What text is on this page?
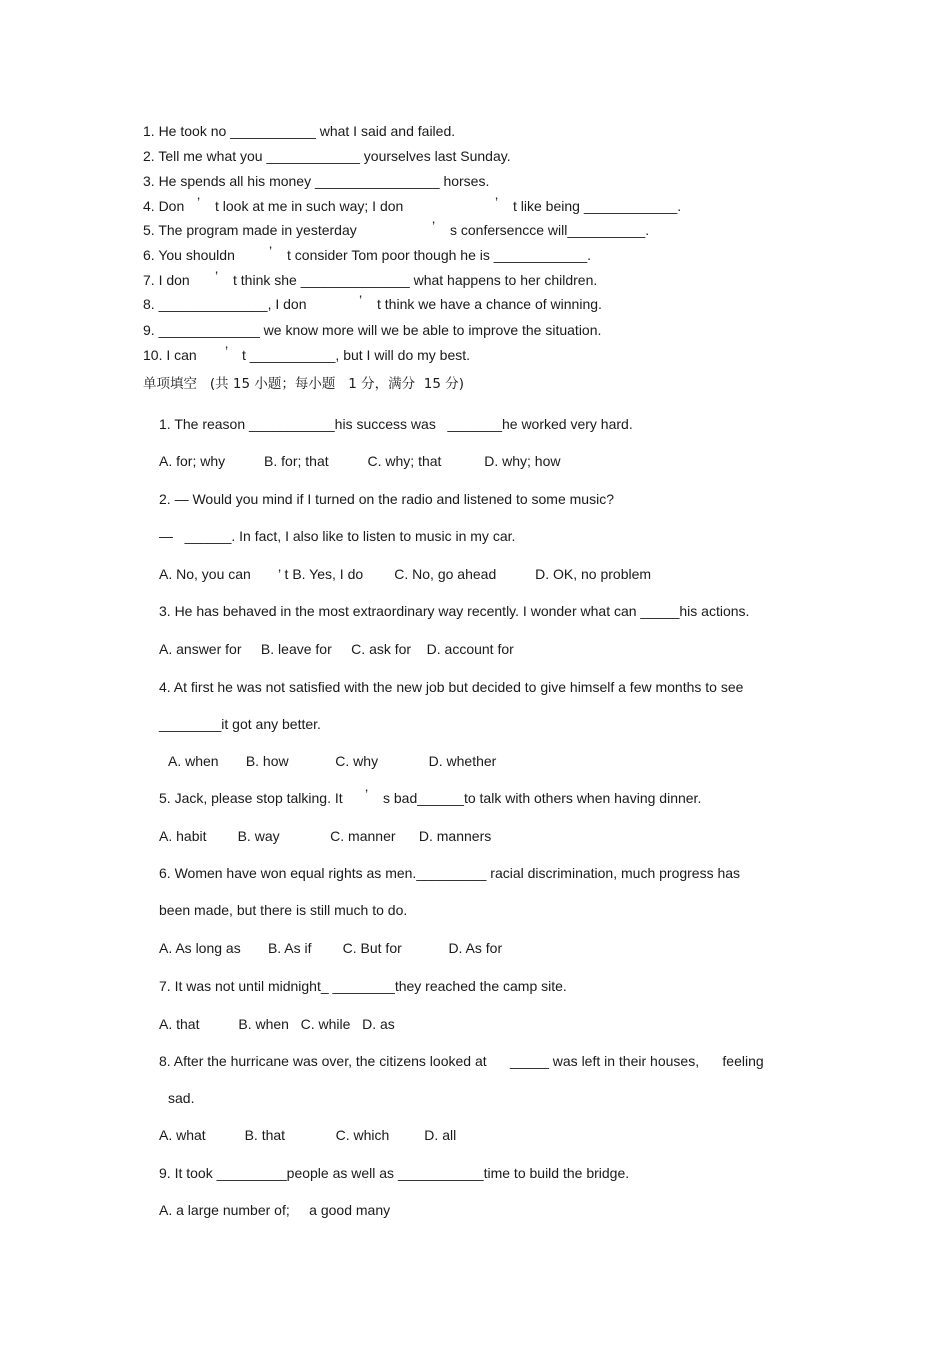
1. He took no ___________ what I said and failed.
2. Tell me what you ____________ yourselves last Sunday.
3. He spends all his money ________________ horses.
4. Don ’ t look at me in such way; I don	’ t like being ____________.
5. The program made in yesterday	’ s confe rsencce will__________.
6. You shouldn ’ t consider Tom poor though he is ____________.
7. I don ’ t think she ______________ what happens to her children.
8. ______________, I don	’ t think we have a chance of winning.
9. _____________ we know more will we be able to improve the situation.
10. I can ’ t ___________, but I will do my best.
单项填空   (共 15 小题；每小题   1 分，满分  15 分)
1. The reason ___________his success was   _______he worked very hard.
A. for; why          B. for; that          C. why; that           D. why; how
2. — Would you mind if I turned on the radio and listened to some music?
—   ______. In fact, I also like to listen to music in my car.
A. No, you can       ’ t B. Yes, I do        C. No, go ahead          D. OK, no problem
3. He has behaved in the most extraordinary way recently. I wonder what can _____his actions.
A. answer for     B. leave for     C. ask for    D. account for
4. At first he was not satisfied with the new job but decided to give himself a few months to see
________it got any better.
A. when       B. how            C. why             D. whether
5. Jack, please stop talking. It ’ s bad______to talk with others when having dinner.
A. habit        B. way             C. manner      D. manners
6. Women have won equal rights as men._________ racial discrimination, much progress has
been made, but there is still much to do.
A. As long as       B. As if        C. But for            D. As for
7. It was not until midnight_ ________they reached the camp site.
A. that          B. when   C. while   D. as
8. After the hurricane was over, the citizens looked at      _____ was left in their houses,      feeling
sad.
A. what          B. that             C. which         D. all
9. It took _________people as well as ___________time to build the bridge.
A. a large number of;     a good many
